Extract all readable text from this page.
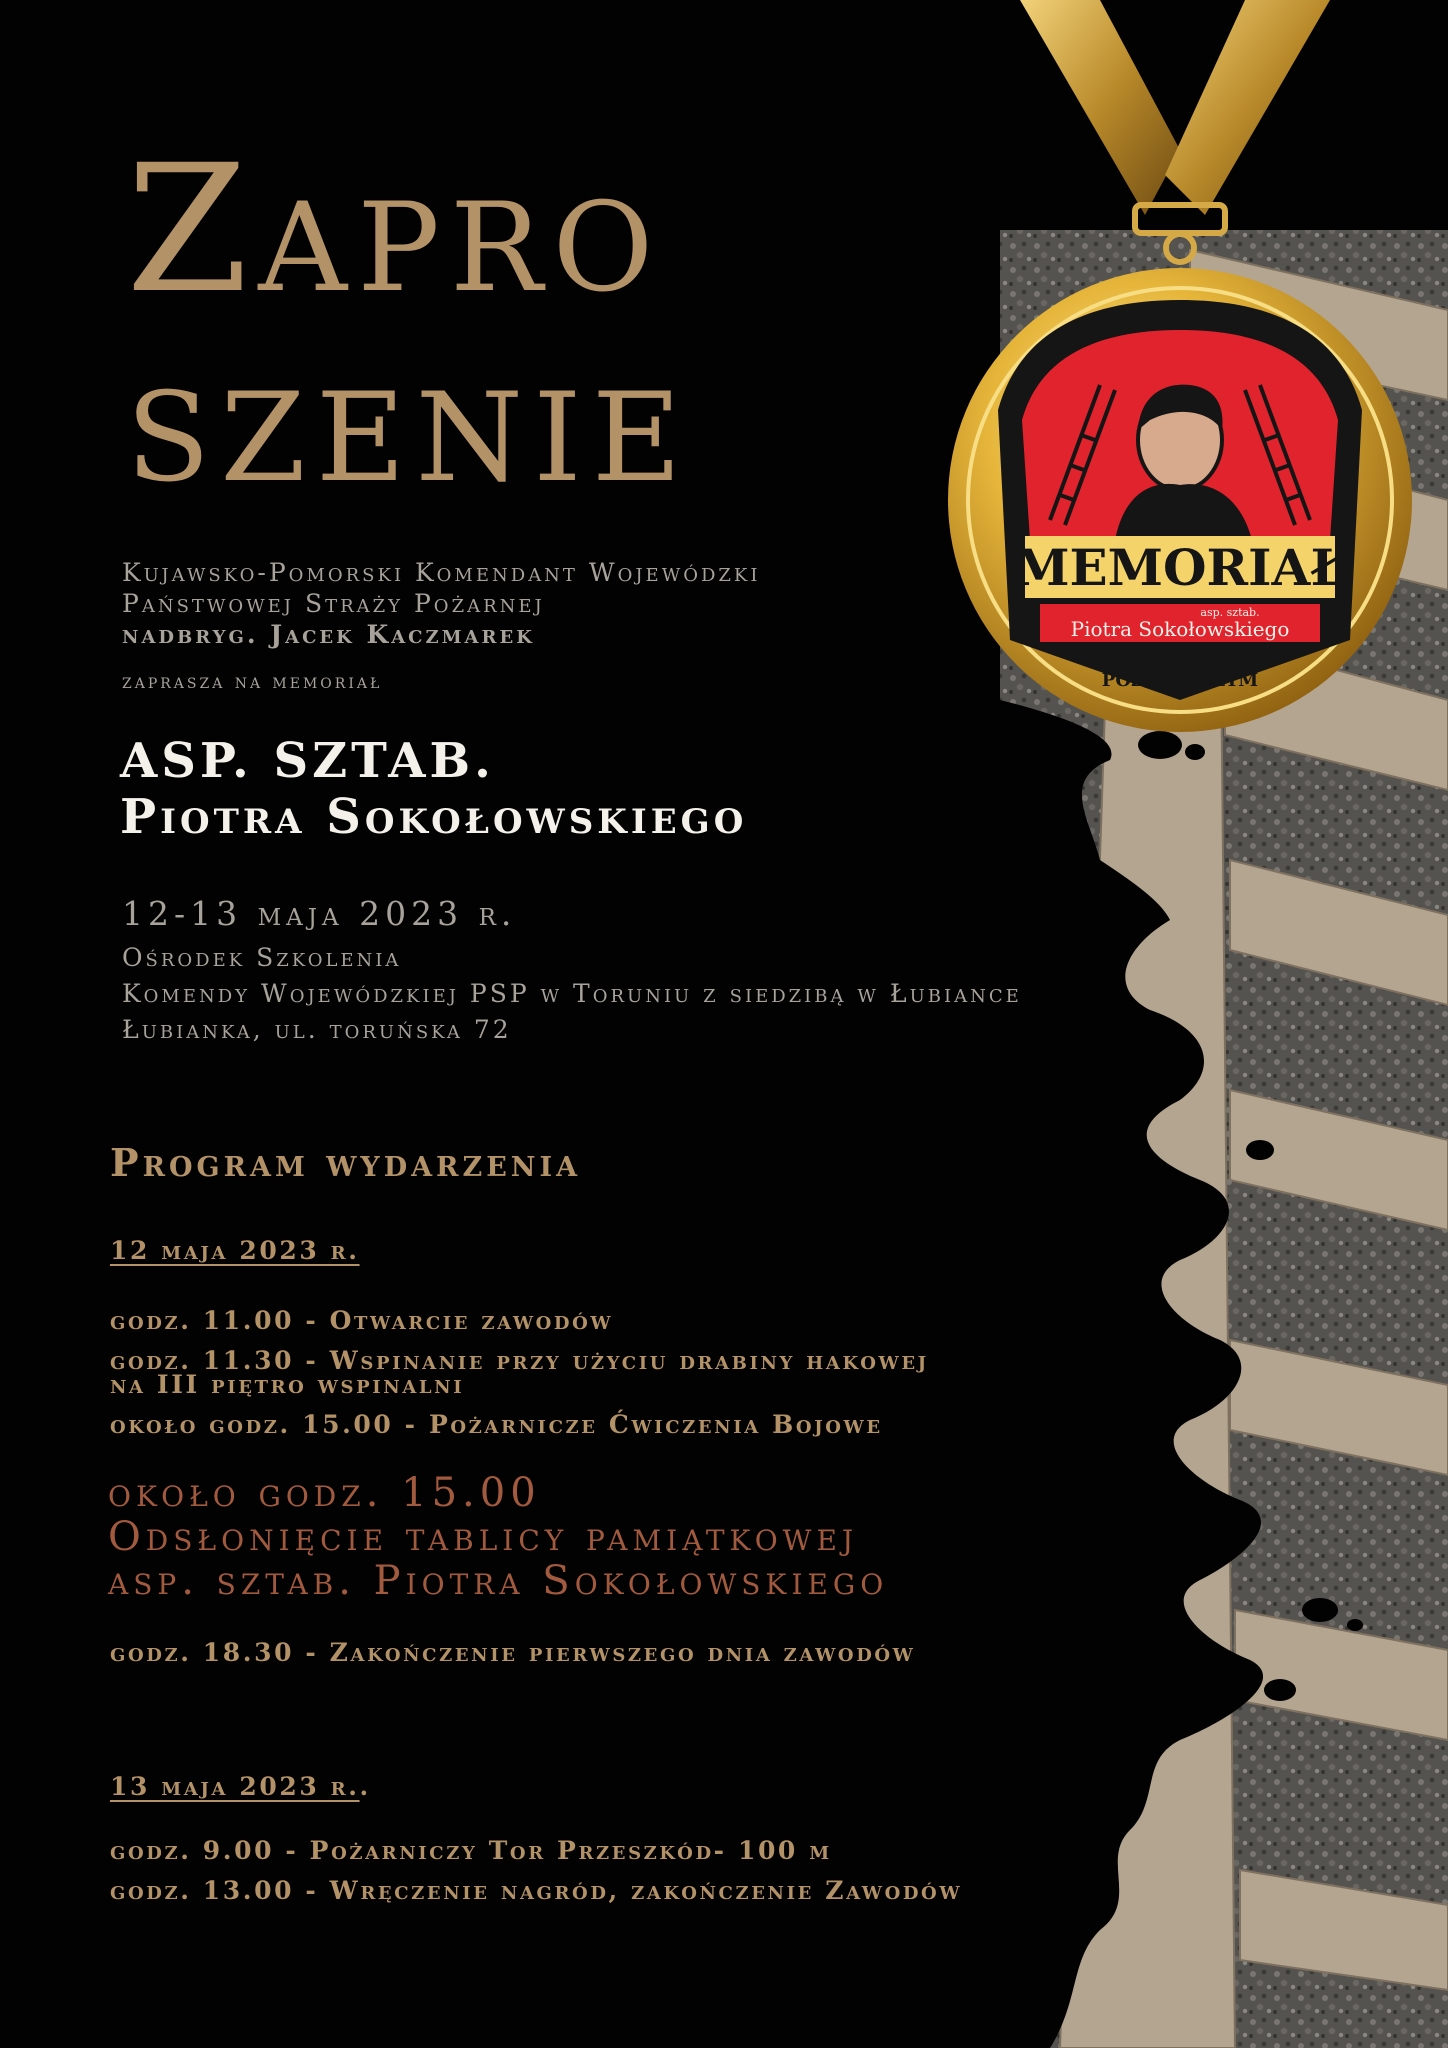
Zapro
szenie
Kujawsko-Pomorski Komendant Wojewódzki
Państwowej Straży Pożarnej
nadbryg. Jacek Kaczmarek
zaprasza na memoriał
ASP. SZTAB.
Piotra Sokołowskiego
12-13 maja 2023 r.
Ośrodek Szkolenia
Komendy Wojewódzkiej PSP w Toruniu z siedzibą w Łubiance
Łubianka, ul. toruńska 72
Program wydarzenia
12 maja 2023 r.
godz. 11.00 - Otwarcie zawodów
godz. 11.30 - Wspinanie przy użyciu drabiny hakowej
na III piętro wspinalni
około godz. 15.00 - Pożarnicze Ćwiczenia Bojowe
około godz. 15.00
Odsłonięcie tablicy pamiątkowej
asp. sztab. Piotra Sokołowskiego
godz. 18.30 - Zakończenie pierwszego dnia zawodów
13 maja 2023 r..
godz. 9.00 - Pożarniczy Tor Przeszkód- 100 m
godz. 13.00 - Wręczenie nagród, zakończenie Zawodów
MEMORIAŁ
asp. sztab.
Piotra Sokołowskiego
W SPORCIE
POŻARNICZYM
